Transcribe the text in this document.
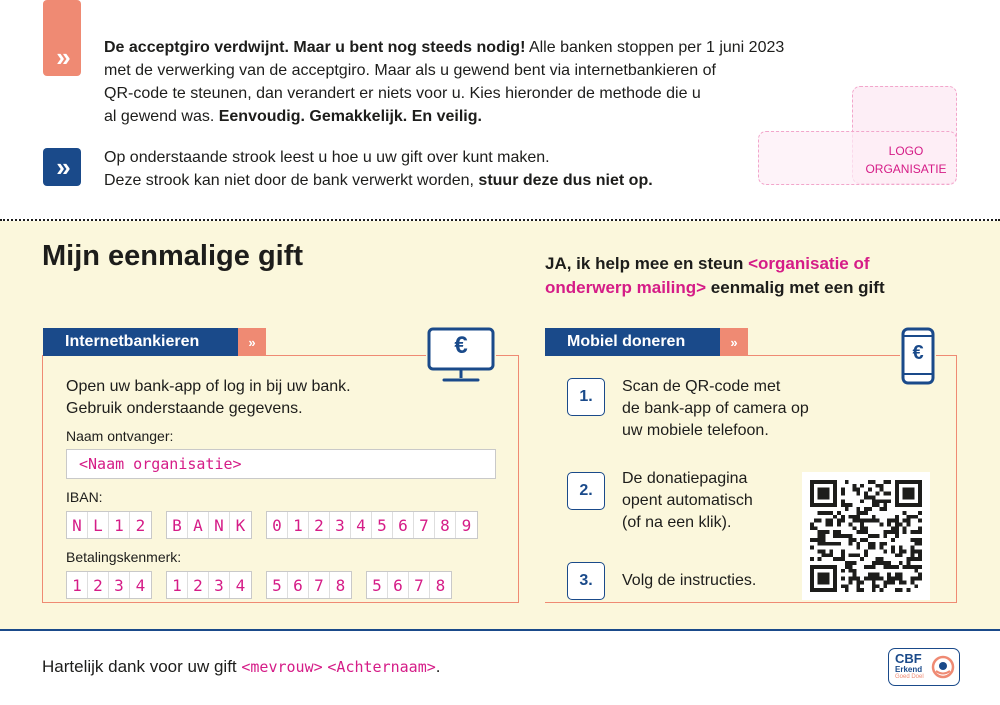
»	De acceptgiro verdwijnt. Maar u bent nog steeds nodig! Alle banken stoppen per 1 juni 2023
met de verwerking van de acceptgiro. Maar als u gewend bent via internetbankieren of
QR-code te steunen, dan verandert er niets voor u. Kies hieronder de methode die u
al gewend was. Eenvoudig. Gemakkelijk. En veilig.
»	Op onderstaande strook leest u hoe u uw gift over kunt maken.
Deze strook kan niet door de bank verwerkt worden, stuur deze dus niet op.
LOGO
ORGANISATIE
Mijn eenmalige gift	JA, ik help mee en steun <organisatie of
onderwerp mailing> eenmalig met een gift
Internetbankieren	»	€
Open uw bank-app of log in bij uw bank.
Gebruik onderstaande gegevens.
Naam ontvanger:
<Naam organisatie>
IBAN:
N L 1 2	B A N K	0 1 2 3 4 5 6 7 8 9
Betalingskenmerk:
1 2 3 4	1 2 3 4	5 6 7 8	5 6 7 8
Mobiel doneren	»	€
1.
Scan de QR-code met
de bank-app of camera op
uw mobiele telefoon.
2.
De donatiepagina
opent automatisch
(of na een klik).
3.	Volg de instructies.
Hartelijk dank voor uw gift <mevrouw> <Achternaam>.	CBF
Erkend
Goed Doel
